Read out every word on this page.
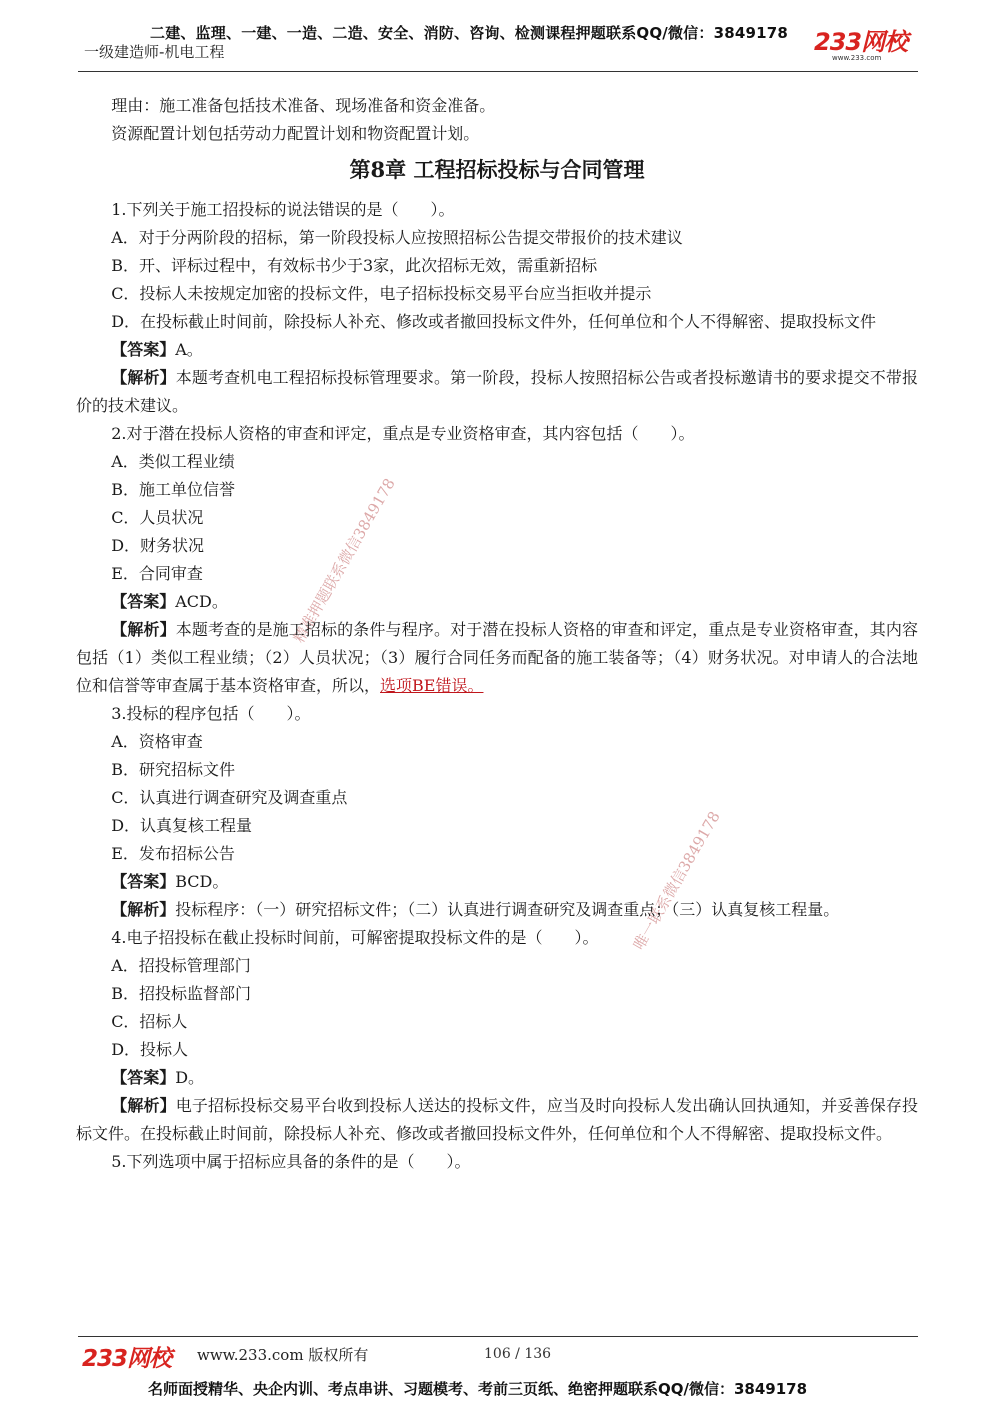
二建、监理、一建、一造、二造、安全、消防、咨询、检测课程押题联系QQ/微信：3849178
一级建造师-机电工程	233网校
www.233.com
精准押题联系微信3849178
唯一联系微信3849178

理由：施工准备包括技术准备、现场准备和资金准备。

资源配置计划包括劳动力配置计划和物资配置计划。

第8章 工程招标投标与合同管理

1.下列关于施工招投标的说法错误的是（　　）。

A．对于分两阶段的招标，第一阶段投标人应按照招标公告提交带报价的技术建议

B．开、评标过程中，有效标书少于3家，此次招标无效，需重新招标

C．投标人未按规定加密的投标文件，电子招标投标交易平台应当拒收并提示

D．在投标截止时间前，除投标人补充、修改或者撤回投标文件外，任何单位和个人不得解密、提取投标文件

【答案】A。

【解析】本题考查机电工程招标投标管理要求。第一阶段，投标人按照招标公告或者投标邀请书的要求提交不带报价的技术建议。

2.对于潜在投标人资格的审查和评定，重点是专业资格审查，其内容包括（　　）。

A．类似工程业绩

B．施工单位信誉

C．人员状况

D．财务状况

E．合同审查

【答案】ACD。

【解析】本题考查的是施工招标的条件与程序。对于潜在投标人资格的审查和评定，重点是专业资格审查，其内容包括（1）类似工程业绩；（2）人员状况；（3）履行合同任务而配备的施工装备等；（4）财务状况。对申请人的合法地位和信誉等审查属于基本资格审查，所以，选项BE错误。

3.投标的程序包括（　　）。

A．资格审查

B．研究招标文件

C．认真进行调查研究及调查重点

D．认真复核工程量

E．发布招标公告

【答案】BCD。

【解析】投标程序：（一）研究招标文件；（二）认真进行调查研究及调查重点；（三）认真复核工程量。

4.电子招投标在截止投标时间前，可解密提取投标文件的是（　　）。

A．招投标管理部门

B．招投标监督部门

C．招标人

D．投标人

【答案】D。

【解析】电子招标投标交易平台收到投标人送达的投标文件，应当及时向投标人发出确认回执通知，并妥善保存投标文件。在投标截止时间前，除投标人补充、修改或者撤回投标文件外，任何单位和个人不得解密、提取投标文件。

5.下列选项中属于招标应具备的条件的是（　　）。

233网校 www.233.com 版权所有	106 / 136
名师面授精华、央企内训、考点串讲、习题模考、考前三页纸、绝密押题联系QQ/微信：3849178
